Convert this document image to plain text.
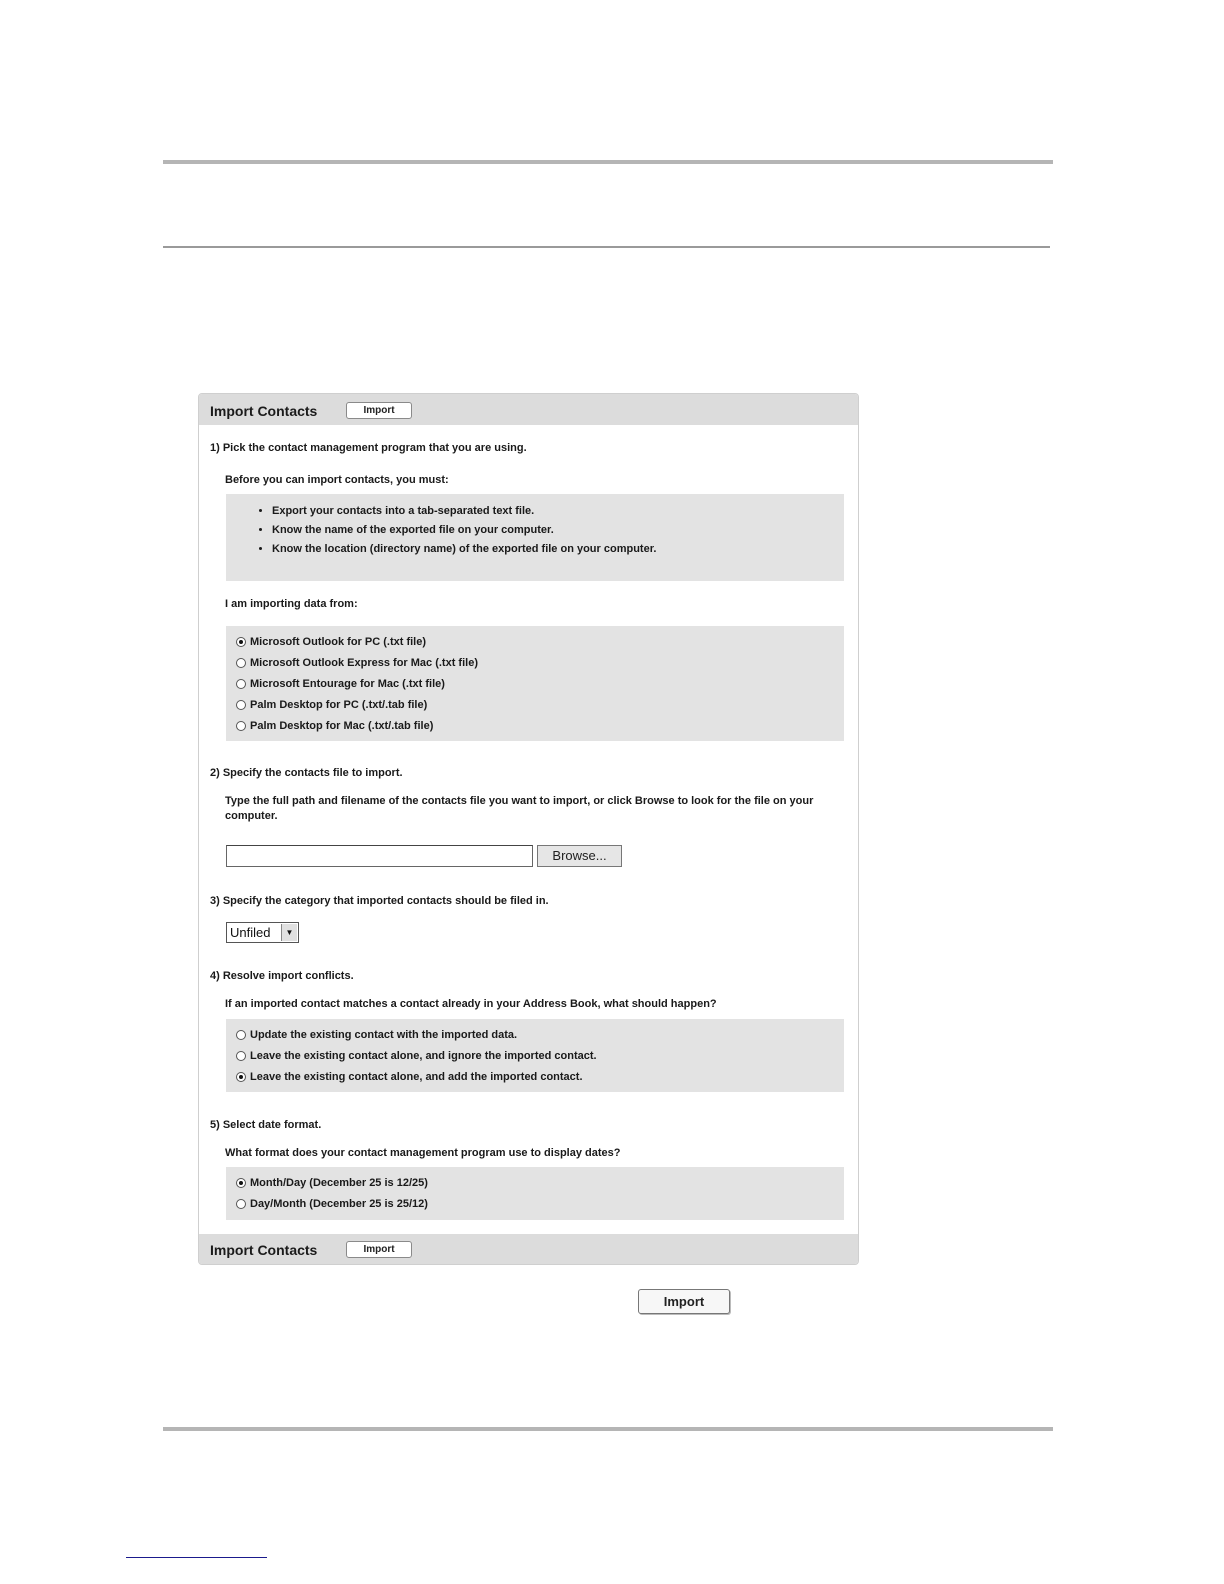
Import Contacts	Import
1) Pick the contact management program that you are using.
Before you can import contacts, you must:
• Export your contacts into a tab-separated text file.
• Know the name of the exported file on your computer.
• Know the location (directory name) of the exported file on your computer.
I am importing data from:
Microsoft Outlook for PC (.txt file)
Microsoft Outlook Express for Mac (.txt file)
Microsoft Entourage for Mac (.txt file)
Palm Desktop for PC (.txt/.tab file)
Palm Desktop for Mac (.txt/.tab file)
2) Specify the contacts file to import.
Type the full path and filename of the contacts file you want to import, or click Browse to look for the file on your computer.
Browse...
3) Specify the category that imported contacts should be filed in.
Unfiled	▼
4) Resolve import conflicts.
If an imported contact matches a contact already in your Address Book, what should happen?
Update the existing contact with the imported data.
Leave the existing contact alone, and ignore the imported contact.
Leave the existing contact alone, and add the imported contact.
5) Select date format.
What format does your contact management program use to display dates?
Month/Day (December 25 is 12/25)
Day/Month (December 25 is 25/12)
Import Contacts	Import
Import
